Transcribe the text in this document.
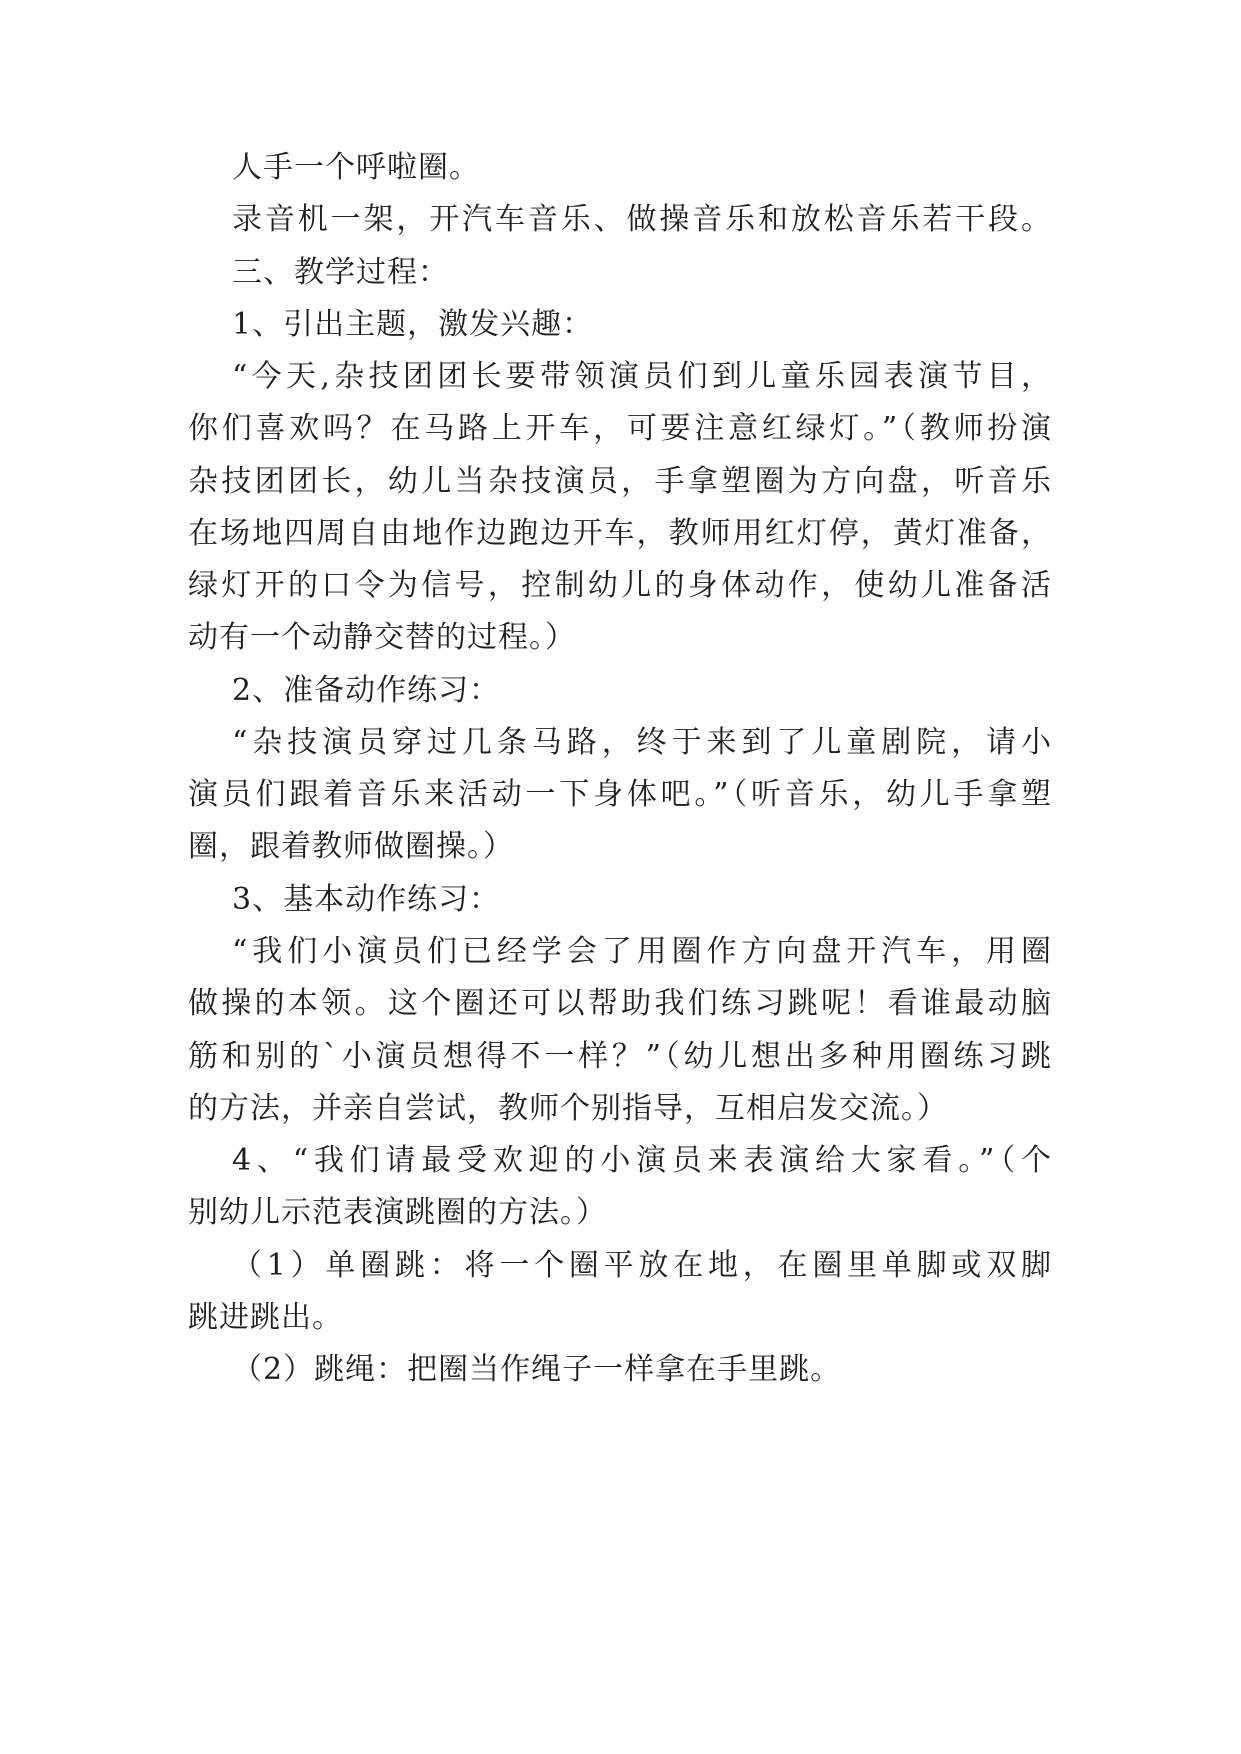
人手一个呼啦圈。
录音机一架，开汽车音乐、做操音乐和放松音乐若干段。
三、教学过程：
1、引出主题，激发兴趣：
“今天,杂技团团长要带领演员们到儿童乐园表演节目，
你们喜欢吗？在马路上开车，可要注意红绿灯。”（教师扮演
杂技团团长，幼儿当杂技演员，手拿塑圈为方向盘，听音乐
在场地四周自由地作边跑边开车，教师用红灯停，黄灯准备，
绿灯开的口令为信号，控制幼儿的身体动作，使幼儿准备活
动有一个动静交替的过程。）
2、准备动作练习：
“杂技演员穿过几条马路，终于来到了儿童剧院，请小
演员们跟着音乐来活动一下身体吧。”（听音乐，幼儿手拿塑
圈，跟着教师做圈操。）
3、基本动作练习：
“我们小演员们已经学会了用圈作方向盘开汽车，用圈
做操的本领。这个圈还可以帮助我们练习跳呢！看谁最动脑
筋和别的`小演员想得不一样？”（幼儿想出多种用圈练习跳
的方法，并亲自尝试，教师个别指导，互相启发交流。）
4、“我们请最受欢迎的小演员来表演给大家看。”（个
别幼儿示范表演跳圈的方法。）
（1）单圈跳：将一个圈平放在地，在圈里单脚或双脚
跳进跳出。
（2）跳绳：把圈当作绳子一样拿在手里跳。
